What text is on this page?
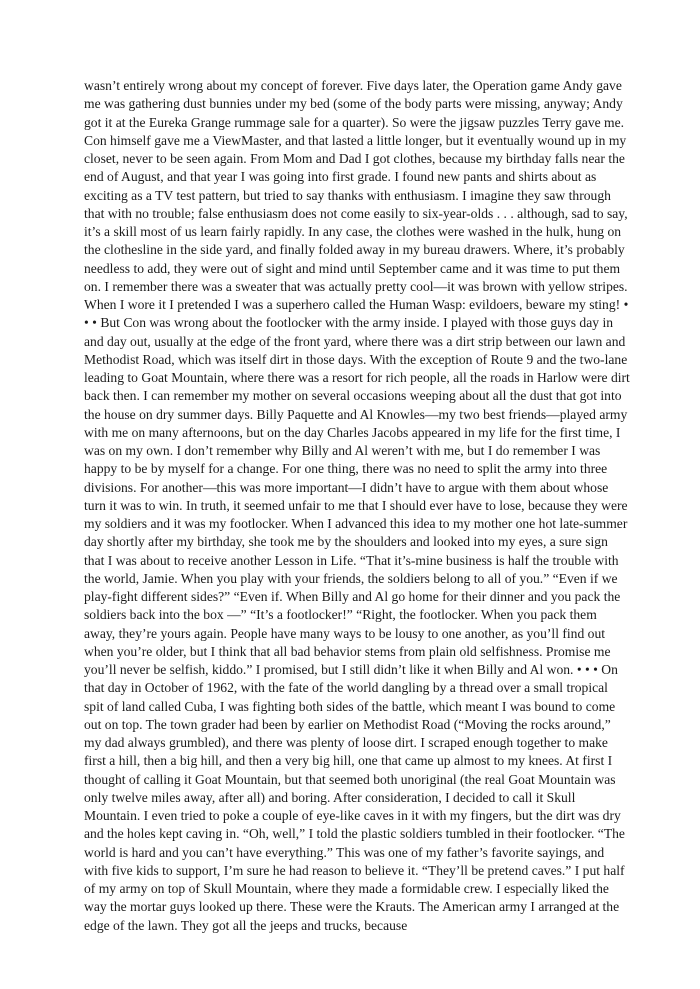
wasn’t entirely wrong about my concept of forever. Five days later, the Operation game Andy gave me was gathering dust bunnies under my bed (some of the body parts were missing, anyway; Andy got it at the Eureka Grange rummage sale for a quarter). So were the jigsaw puzzles Terry gave me. Con himself gave me a ViewMaster, and that lasted a little longer, but it eventually wound up in my closet, never to be seen again. From Mom and Dad I got clothes, because my birthday falls near the end of August, and that year I was going into first grade. I found new pants and shirts about as exciting as a TV test pattern, but tried to say thanks with enthusiasm. I imagine they saw through that with no trouble; false enthusiasm does not come easily to six-year-olds . . . although, sad to say, it’s a skill most of us learn fairly rapidly. In any case, the clothes were washed in the hulk, hung on the clothesline in the side yard, and finally folded away in my bureau drawers. Where, it’s probably needless to add, they were out of sight and mind until September came and it was time to put them on. I remember there was a sweater that was actually pretty cool—it was brown with yellow stripes. When I wore it I pretended I was a superhero called the Human Wasp: evildoers, beware my sting! • • • But Con was wrong about the footlocker with the army inside. I played with those guys day in and day out, usually at the edge of the front yard, where there was a dirt strip between our lawn and Methodist Road, which was itself dirt in those days. With the exception of Route 9 and the two-lane leading to Goat Mountain, where there was a resort for rich people, all the roads in Harlow were dirt back then. I can remember my mother on several occasions weeping about all the dust that got into the house on dry summer days. Billy Paquette and Al Knowles—my two best friends—played army with me on many afternoons, but on the day Charles Jacobs appeared in my life for the first time, I was on my own. I don’t remember why Billy and Al weren’t with me, but I do remember I was happy to be by myself for a change. For one thing, there was no need to split the army into three divisions. For another—this was more important—I didn’t have to argue with them about whose turn it was to win. In truth, it seemed unfair to me that I should ever have to lose, because they were my soldiers and it was my footlocker. When I advanced this idea to my mother one hot late-summer day shortly after my birthday, she took me by the shoulders and looked into my eyes, a sure sign that I was about to receive another Lesson in Life. “That it’s-mine business is half the trouble with the world, Jamie. When you play with your friends, the soldiers belong to all of you.” “Even if we play-fight different sides?” “Even if. When Billy and Al go home for their dinner and you pack the soldiers back into the box —” “It’s a footlocker!” “Right, the footlocker. When you pack them away, they’re yours again. People have many ways to be lousy to one another, as you’ll find out when you’re older, but I think that all bad behavior stems from plain old selfishness. Promise me you’ll never be selfish, kiddo.” I promised, but I still didn’t like it when Billy and Al won. • • • On that day in October of 1962, with the fate of the world dangling by a thread over a small tropical spit of land called Cuba, I was fighting both sides of the battle, which meant I was bound to come out on top. The town grader had been by earlier on Methodist Road (“Moving the rocks around,” my dad always grumbled), and there was plenty of loose dirt. I scraped enough together to make first a hill, then a big hill, and then a very big hill, one that came up almost to my knees. At first I thought of calling it Goat Mountain, but that seemed both unoriginal (the real Goat Mountain was only twelve miles away, after all) and boring. After consideration, I decided to call it Skull Mountain. I even tried to poke a couple of eye-like caves in it with my fingers, but the dirt was dry and the holes kept caving in. “Oh, well,” I told the plastic soldiers tumbled in their footlocker. “The world is hard and you can’t have everything.” This was one of my father’s favorite sayings, and with five kids to support, I’m sure he had reason to believe it. “They’ll be pretend caves.” I put half of my army on top of Skull Mountain, where they made a formidable crew. I especially liked the way the mortar guys looked up there. These were the Krauts. The American army I arranged at the edge of the lawn. They got all the jeeps and trucks, because
